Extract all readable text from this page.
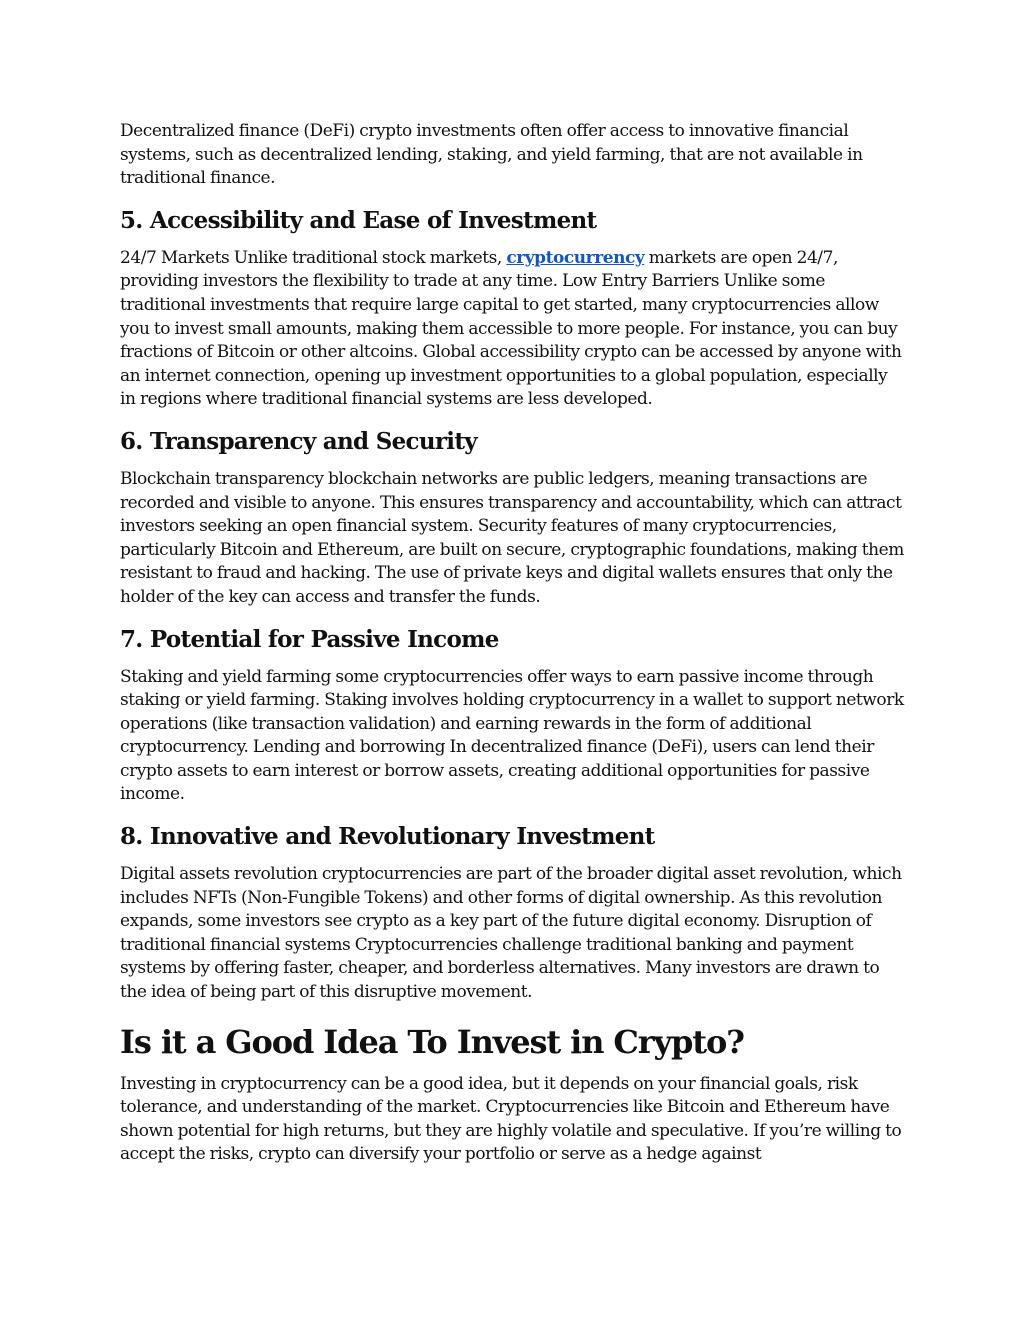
Decentralized finance (DeFi) crypto investments often offer access to innovative financial systems, such as decentralized lending, staking, and yield farming, that are not available in traditional finance.

5. Accessibility and Ease of Investment

24/7 Markets Unlike traditional stock markets, cryptocurrency markets are open 24/7, providing investors the flexibility to trade at any time. Low Entry Barriers Unlike some traditional investments that require large capital to get started, many cryptocurrencies allow you to invest small amounts, making them accessible to more people. For instance, you can buy fractions of Bitcoin or other altcoins. Global accessibility crypto can be accessed by anyone with an internet connection, opening up investment opportunities to a global population, especially in regions where traditional financial systems are less developed.

6. Transparency and Security

Blockchain transparency blockchain networks are public ledgers, meaning transactions are recorded and visible to anyone. This ensures transparency and accountability, which can attract investors seeking an open financial system. Security features of many cryptocurrencies, particularly Bitcoin and Ethereum, are built on secure, cryptographic foundations, making them resistant to fraud and hacking. The use of private keys and digital wallets ensures that only the holder of the key can access and transfer the funds.

7. Potential for Passive Income

Staking and yield farming some cryptocurrencies offer ways to earn passive income through staking or yield farming. Staking involves holding cryptocurrency in a wallet to support network operations (like transaction validation) and earning rewards in the form of additional cryptocurrency. Lending and borrowing In decentralized finance (DeFi), users can lend their crypto assets to earn interest or borrow assets, creating additional opportunities for passive income.

8. Innovative and Revolutionary Investment

Digital assets revolution cryptocurrencies are part of the broader digital asset revolution, which includes NFTs (Non-Fungible Tokens) and other forms of digital ownership. As this revolution expands, some investors see crypto as a key part of the future digital economy. Disruption of traditional financial systems Cryptocurrencies challenge traditional banking and payment systems by offering faster, cheaper, and borderless alternatives. Many investors are drawn to the idea of being part of this disruptive movement.

Is it a Good Idea To Invest in Crypto?

Investing in cryptocurrency can be a good idea, but it depends on your financial goals, risk tolerance, and understanding of the market. Cryptocurrencies like Bitcoin and Ethereum have shown potential for high returns, but they are highly volatile and speculative. If you’re willing to accept the risks, crypto can diversify your portfolio or serve as a hedge against
